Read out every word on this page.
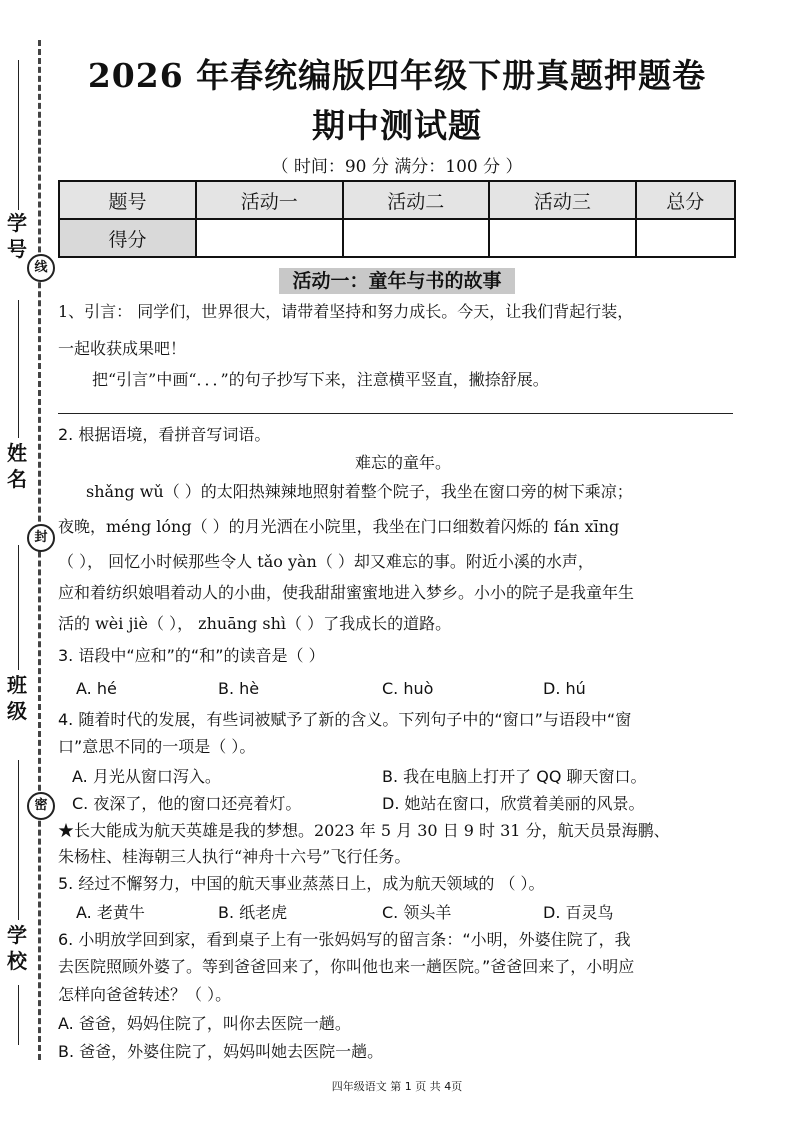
学 号
姓 名
班 级
学 校
线
封
密
2026 年春统编版四年级下册真题押题卷
期中测试题
（ 时间：90 分 满分：100 分 ）
题号	活动一	活动二	活动三	总分
得分				
活动一：童年与书的故事
1、引言： 同学们，世界很大，请带着坚持和努力成长。今天，让我们背起行装，
一起收获成果吧！
把“引言”中画“．．．”的句子抄写下来，注意横平竖直，撇捺舒展。
2. 根据语境，看拼音写词语。
难忘的童年。
shǎng wǔ（ ）的太阳热辣辣地照射着整个院子，我坐在窗口旁的树下乘凉；
夜晚，méng lóng（ ）的月光洒在小院里，我坐在门口细数着闪烁的 fán xīng
（ ）， 回忆小时候那些令人 tǎo yàn（ ）却又难忘的事。附近小溪的水声，
应和着纺织娘唱着动人的小曲，使我甜甜蜜蜜地进入梦乡。小小的院子是我童年生
活的 wèi jiè（ ）， zhuāng shì（ ）了我成长的道路。
3. 语段中“应和”的“和”的读音是（ ）
A. hé	B. hè	C. huò	D. hú
4. 随着时代的发展，有些词被赋予了新的含义。下列句子中的“窗口”与语段中“窗
口”意思不同的一项是（ ）。
A. 月光从窗口泻入。	B. 我在电脑上打开了 QQ 聊天窗口。
C. 夜深了，他的窗口还亮着灯。	D. 她站在窗口，欣赏着美丽的风景。
★长大能成为航天英雄是我的梦想。2023 年 5 月 30 日 9 时 31 分，航天员景海鹏、
朱杨柱、桂海朝三人执行“神舟十六号”飞行任务。
5. 经过不懈努力，中国的航天事业蒸蒸日上，成为航天领域的 （ ）。
A. 老黄牛	B. 纸老虎	C. 领头羊	D. 百灵鸟
6. 小明放学回到家，看到桌子上有一张妈妈写的留言条：“小明，外婆住院了，我
去医院照顾外婆了。等到爸爸回来了，你叫他也来一趟医院。”爸爸回来了，小明应
怎样向爸爸转述？（ ）。
A. 爸爸，妈妈住院了，叫你去医院一趟。
B. 爸爸，外婆住院了，妈妈叫她去医院一趟。
四年级语文 第 1 页 共 4页
